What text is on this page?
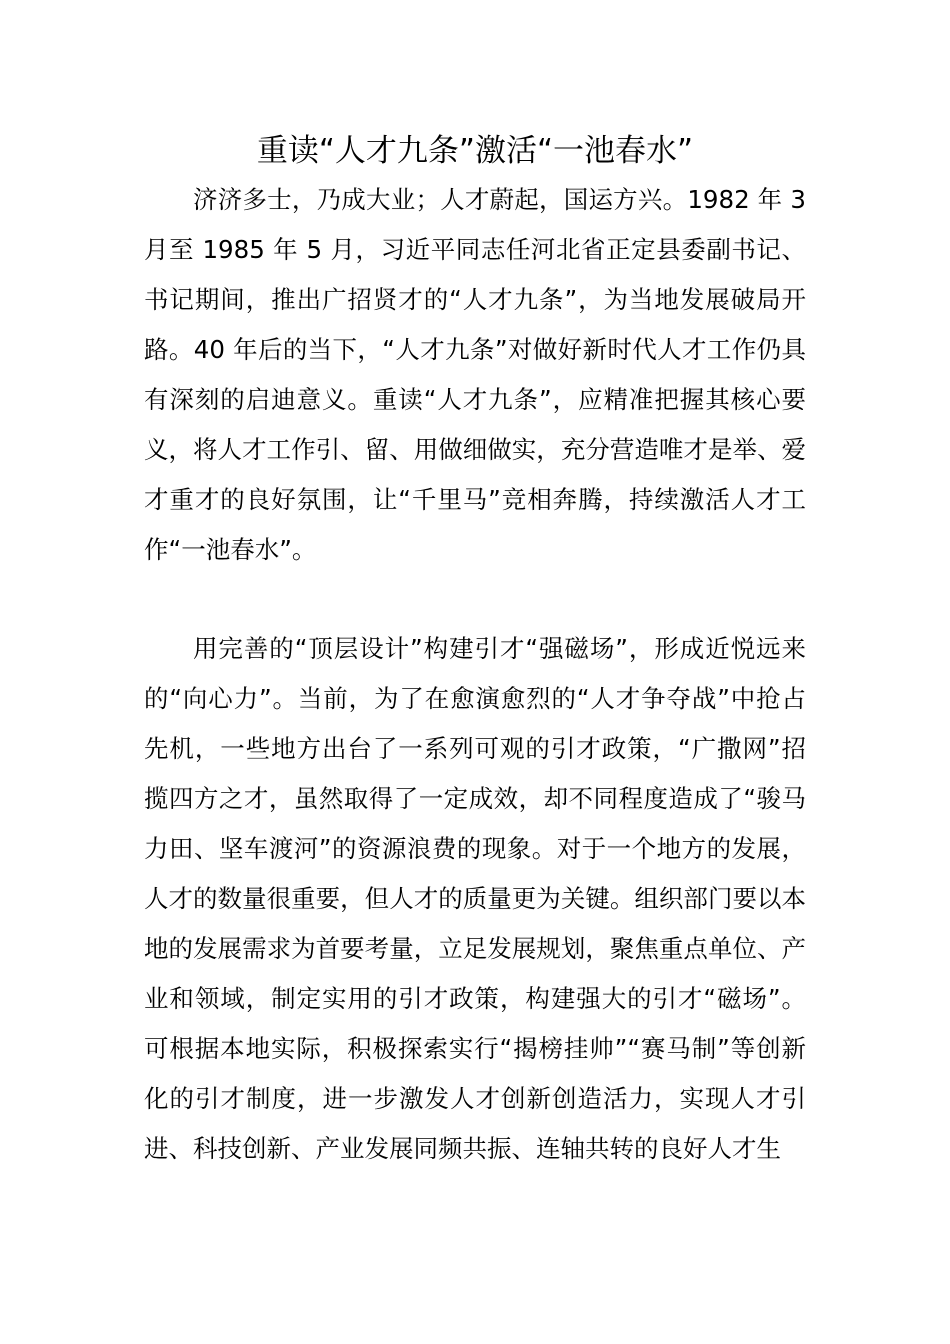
重读“人才九条”激活“一池春水”

济济多士，乃成大业；人才蔚起，国运方兴。1982 年 3 月至 1985 年 5 月，习近平同志任河北省正定县委副书记、书记期间，推出广招贤才的“人才九条”，为当地发展破局开路。40 年后的当下，“人才九条”对做好新时代人才工作仍具有深刻的启迪意义。重读“人才九条”，应精准把握其核心要义，将人才工作引、留、用做细做实，充分营造唯才是举、爱才重才的良好氛围，让“千里马”竞相奔腾，持续激活人才工作“一池春水”。

用完善的“顶层设计”构建引才“强磁场”，形成近悦远来的“向心力”。当前，为了在愈演愈烈的“人才争夺战”中抢占先机，一些地方出台了一系列可观的引才政策，“广撒网”招揽四方之才，虽然取得了一定成效，却不同程度造成了“骏马力田、坚车渡河”的资源浪费的现象。对于一个地方的发展，人才的数量很重要，但人才的质量更为关键。组织部门要以本地的发展需求为首要考量，立足发展规划，聚焦重点单位、产业和领域，制定实用的引才政策，构建强大的引才“磁场”。可根据本地实际，积极探索实行“揭榜挂帅”“赛马制”等创新化的引才制度，进一步激发人才创新创造活力，实现人才引进、科技创新、产业发展同频共振、连轴共转的良好人才生
